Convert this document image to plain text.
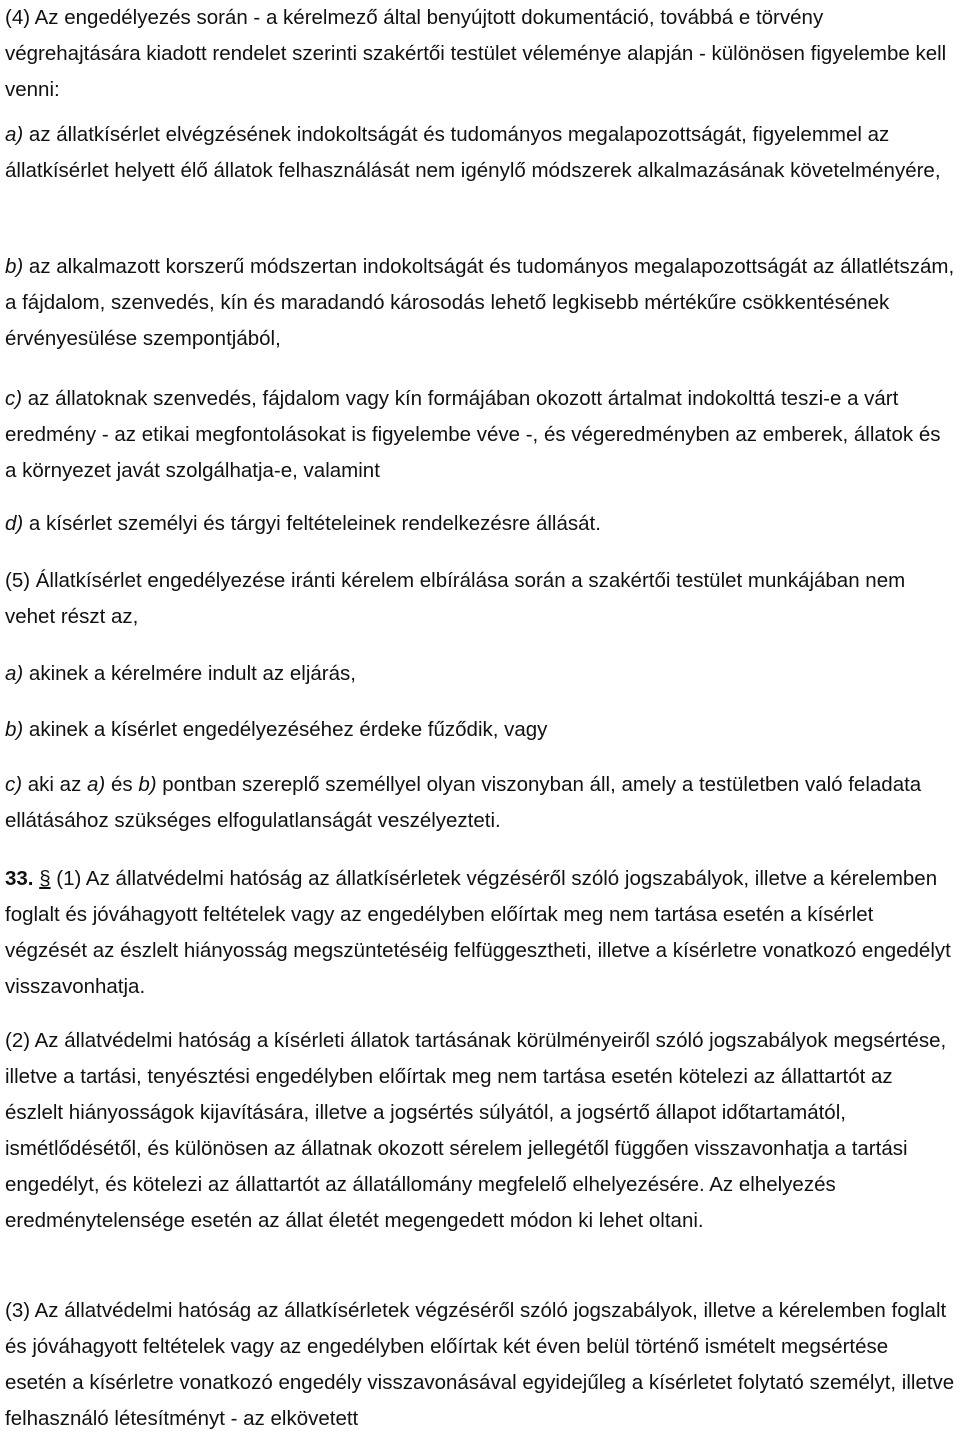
(4) Az engedélyezés során - a kérelmező által benyújtott dokumentáció, továbbá e törvény végrehajtására kiadott rendelet szerinti szakértői testület véleménye alapján - különösen figyelembe kell venni:

a) az állatkísérlet elvégzésének indokoltságát és tudományos megalapozottságát, figyelemmel az állatkísérlet helyett élő állatok felhasználását nem igénylő módszerek alkalmazásának követelményére,

b) az alkalmazott korszerű módszertan indokoltságát és tudományos megalapozottságát az állatlétszám, a fájdalom, szenvedés, kín és maradandó károsodás lehető legkisebb mértékűre csökkentésének érvényesülése szempontjából,

c) az állatoknak szenvedés, fájdalom vagy kín formájában okozott ártalmat indokolttá teszi-e a várt eredmény - az etikai megfontolásokat is figyelembe véve -, és végeredményben az emberek, állatok és a környezet javát szolgálhatja-e, valamint

d) a kísérlet személyi és tárgyi feltételeinek rendelkezésre állását.

(5) Állatkísérlet engedélyezése iránti kérelem elbírálása során a szakértői testület munkájában nem vehet részt az,

a) akinek a kérelmére indult az eljárás,

b) akinek a kísérlet engedélyezéséhez érdeke fűződik, vagy

c) aki az a) és b) pontban szereplő személlyel olyan viszonyban áll, amely a testületben való feladata ellátásához szükséges elfogulatlanságát veszélyezteti.

33. § (1) Az állatvédelmi hatóság az állatkísérletek végzéséről szóló jogszabályok, illetve a kérelemben foglalt és jóváhagyott feltételek vagy az engedélyben előírtak meg nem tartása esetén a kísérlet végzését az észlelt hiányosság megszüntetéséig felfüggesztheti, illetve a kísérletre vonatkozó engedélyt visszavonhatja.

(2) Az állatvédelmi hatóság a kísérleti állatok tartásának körülményeiről szóló jogszabályok megsértése, illetve a tartási, tenyésztési engedélyben előírtak meg nem tartása esetén kötelezi az állattartót az észlelt hiányosságok kijavítására, illetve a jogsértés súlyától, a jogsértő állapot időtartamától, ismétlődésétől, és különösen az állatnak okozott sérelem jellegétől függően visszavonhatja a tartási engedélyt, és kötelezi az állattartót az állatállomány megfelelő elhelyezésére. Az elhelyezés eredménytelensége esetén az állat életét megengedett módon ki lehet oltani.

(3) Az állatvédelmi hatóság az állatkísérletek végzéséről szóló jogszabályok, illetve a kérelemben foglalt és jóváhagyott feltételek vagy az engedélyben előírtak két éven belül történő ismételt megsértése esetén a kísérletre vonatkozó engedély visszavonásával egyidejűleg a kísérletet folytató személyt, illetve felhasználó létesítményt - az elkövetett
